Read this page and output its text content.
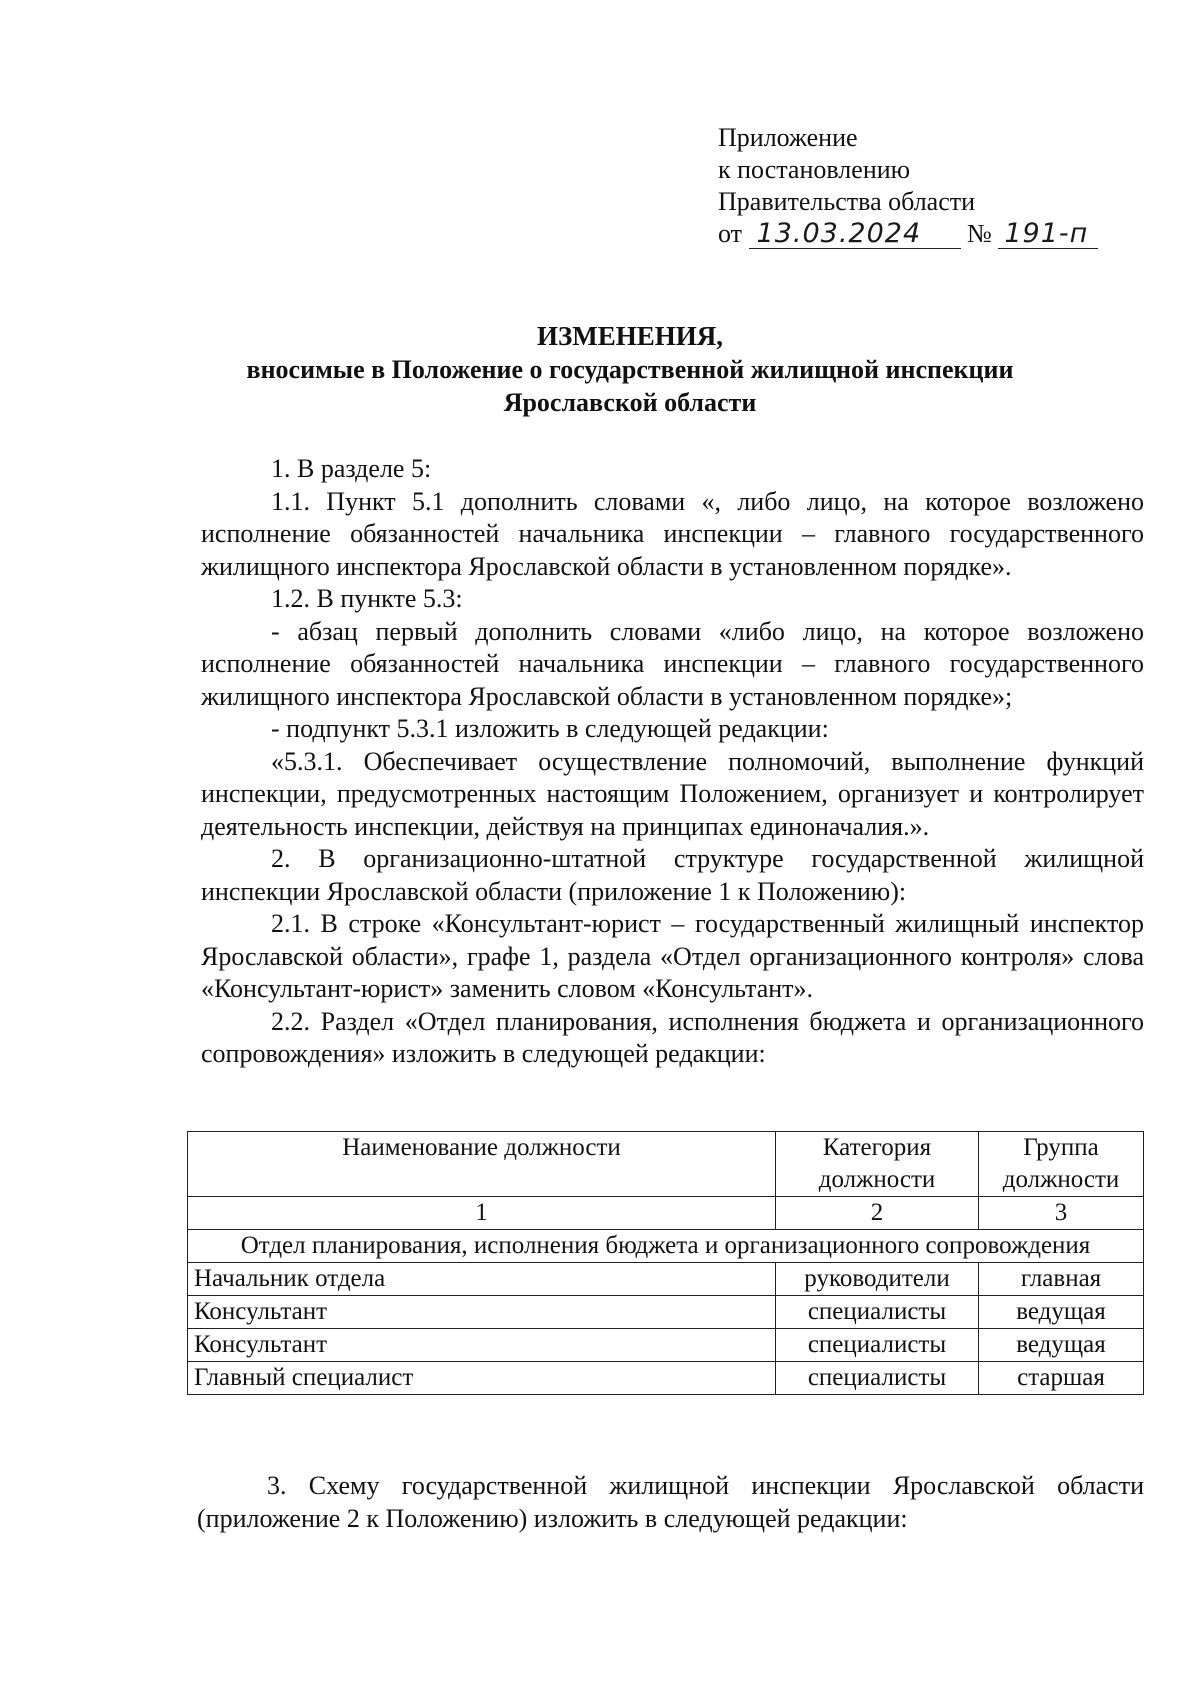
Приложение
к постановлению
Правительства области
от 13.03.2024 № 191-п
ИЗМЕНЕНИЯ,
вносимые в Положение о государственной жилищной инспекции
Ярославской области

1. В разделе 5:

1.1. Пункт 5.1 дополнить словами «, либо лицо, на которое возложено исполнение обязанностей начальника инспекции – главного государственного жилищного инспектора Ярославской области в установленном порядке».

1.2. В пункте 5.3:

- абзац первый дополнить словами «либо лицо, на которое возложено исполнение обязанностей начальника инспекции – главного государственного жилищного инспектора Ярославской области в установленном порядке»;

- подпункт 5.3.1 изложить в следующей редакции:

«5.3.1. Обеспечивает осуществление полномочий, выполнение функций инспекции, предусмотренных настоящим Положением, организует и контролирует деятельность инспекции, действуя на принципах единоначалия.».

2. В организационно-штатной структуре государственной жилищной инспекции Ярославской области (приложение 1 к Положению):

2.1. В строке «Консультант-юрист – государственный жилищный инспектор Ярославской области», графе 1, раздела «Отдел организационного контроля» слова «Консультант-юрист» заменить словом «Консультант».

2.2. Раздел «Отдел планирования, исполнения бюджета и организационного сопровождения» изложить в следующей редакции:

Наименование должности	Категория должности	Группа должности
1	2	3
Отдел планирования, исполнения бюджета и организационного сопровождения		
Начальник отдела	руководители	главная
Консультант	специалисты	ведущая
Консультант	специалисты	ведущая
Главный специалист	специалисты	старшая

3. Схему государственной жилищной инспекции Ярославской области (приложение 2 к Положению) изложить в следующей редакции:
